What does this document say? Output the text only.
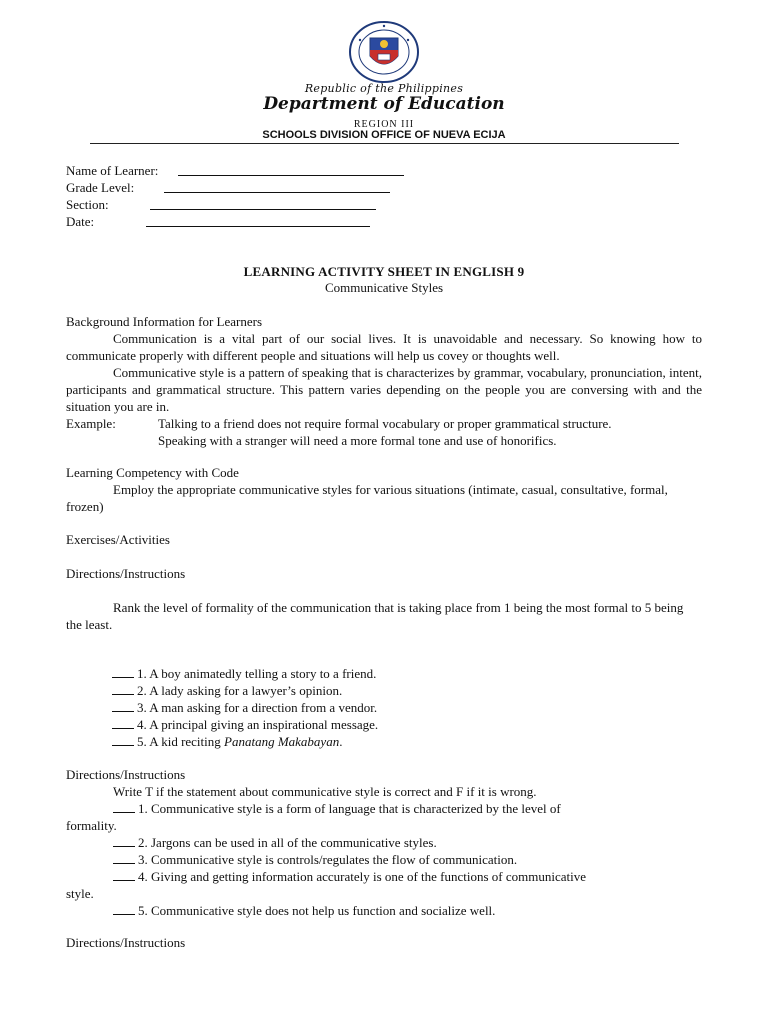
Republic of the Philippines
Department of Education
REGION III
SCHOOLS DIVISION OFFICE OF NUEVA ECIJA
Name of Learner:
Grade Level:
Section:
Date:
LEARNING ACTIVITY SHEET IN ENGLISH 9
Communicative Styles

Background Information for Learners

Communication is a vital part of our social lives. It is unavoidable and necessary. So knowing how to communicate properly with different people and situations will help us covey or thoughts well.

Communicative style is a pattern of speaking that is characterizes by grammar, vocabulary, pronunciation, intent, participants and grammatical structure. This pattern varies depending on the people you are conversing with and the situation you are in.

Example:	Talking to a friend does not require formal vocabulary or proper grammatical structure.
Speaking with a stranger will need a more formal tone and use of honorifics.

Learning Competency with Code

Employ the appropriate communicative styles for various situations (intimate, casual, consultative, formal, frozen)

Exercises/Activities
Directions/Instructions

Rank the level of formality of the communication that is taking place from 1 being the most formal to 5 being the least.

1. A boy animatedly telling a story to a friend.
2. A lady asking for a lawyer’s opinion.
3. A man asking for a direction from a vendor.
4. A principal giving an inspirational message.
5. A kid reciting Panatang Makabayan.
Directions/Instructions
Write T if the statement about communicative style is correct and F if it is wrong.
1. Communicative style is a form of language that is characterized by the level of
formality.
2. Jargons can be used in all of the communicative styles.
3. Communicative style is controls/regulates the flow of communication.
4. Giving and getting information accurately is one of the functions of communicative
style.
5. Communicative style does not help us function and socialize well.
Directions/Instructions
